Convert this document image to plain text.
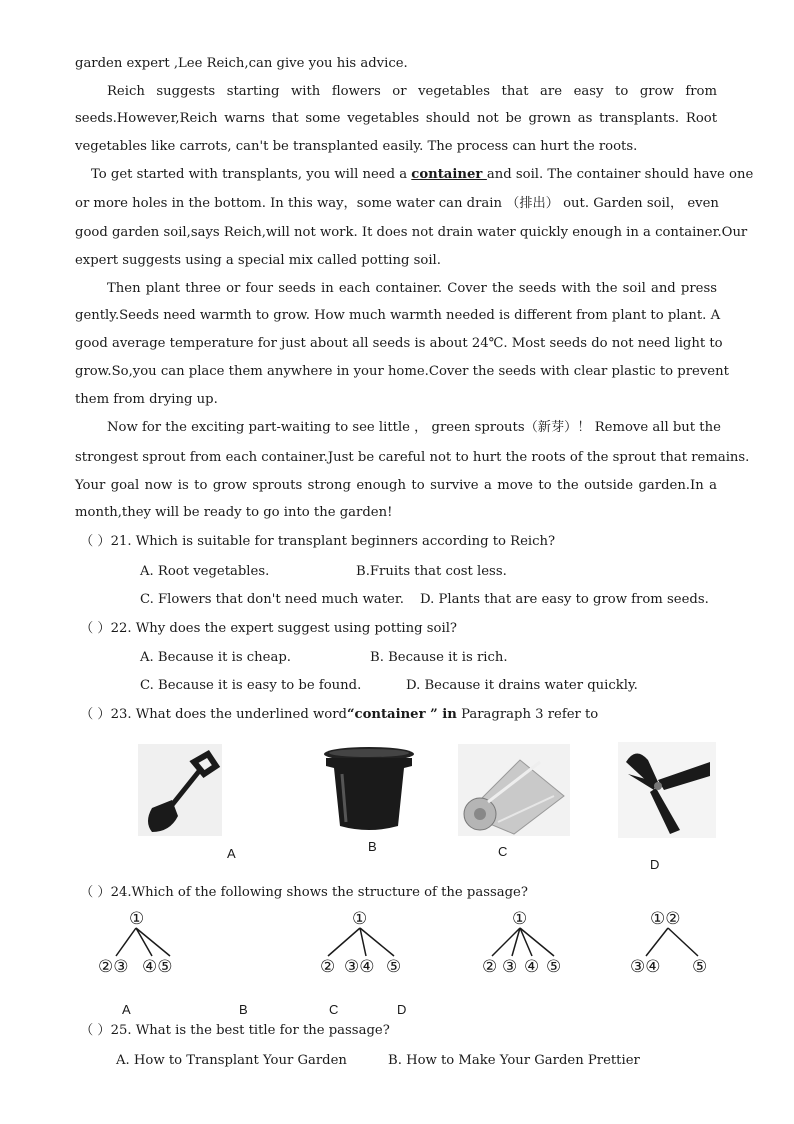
garden expert ,Lee Reich,can give you his advice.
Reich suggests starting with flowers or vegetables that are easy to grow from
seeds.However,Reich warns that some vegetables should not be grown as transplants. Root
vegetables like carrots, can't be transplanted easily. The process can hurt the roots.
To get started with transplants, you will need a container and soil. The container should have one
or more holes in the bottom. In this way，some water can drain （排出） out. Garden soil， even
good garden soil,says Reich,will not work. It does not drain water quickly enough in a container.Our
expert suggests using a special mix called potting soil.
Then plant three or four seeds in each container. Cover the seeds with the soil and press
gently.Seeds need warmth to grow. How much warmth needed is different from plant to plant. A
good average temperature for just about all seeds is about 24℃. Most seeds do not need light to
grow.So,you can place them anywhere in your home.Cover the seeds with clear plastic to prevent
them from drying up.
Now for the exciting part-waiting to see little ， green sprouts（新芽）！ Remove all but the
strongest sprout from each container.Just be careful not to hurt the roots of the sprout that remains.
Your goal now is to grow sprouts strong enough to survive a move to the outside garden.In a
month,they will be ready to go into the garden!
（ ）21. Which is suitable for transplant beginners according to Reich?
A. Root vegetables.	B.Fruits that cost less.
C. Flowers that don't need much water. D. Plants that are easy to grow from seeds.
（ ）22. Why does the expert suggest using potting soil?
A. Because it is cheap.	B. Because it is rich.
C. Because it is easy to be found.	D. Because it drains water quickly.
（ ）23. What does the underlined word“container ” in Paragraph 3 refer to
A	B	C
D
（ ）24.Which of the following shows the structure of the passage?
①
②③ ④⑤
①
② ③④ ⑤
①
② ③ ④ ⑤
①②
③④ ⑤
A	B	C	D
（ ）25. What is the best title for the passage?
A. How to Transplant Your Garden	B. How to Make Your Garden Prettier
